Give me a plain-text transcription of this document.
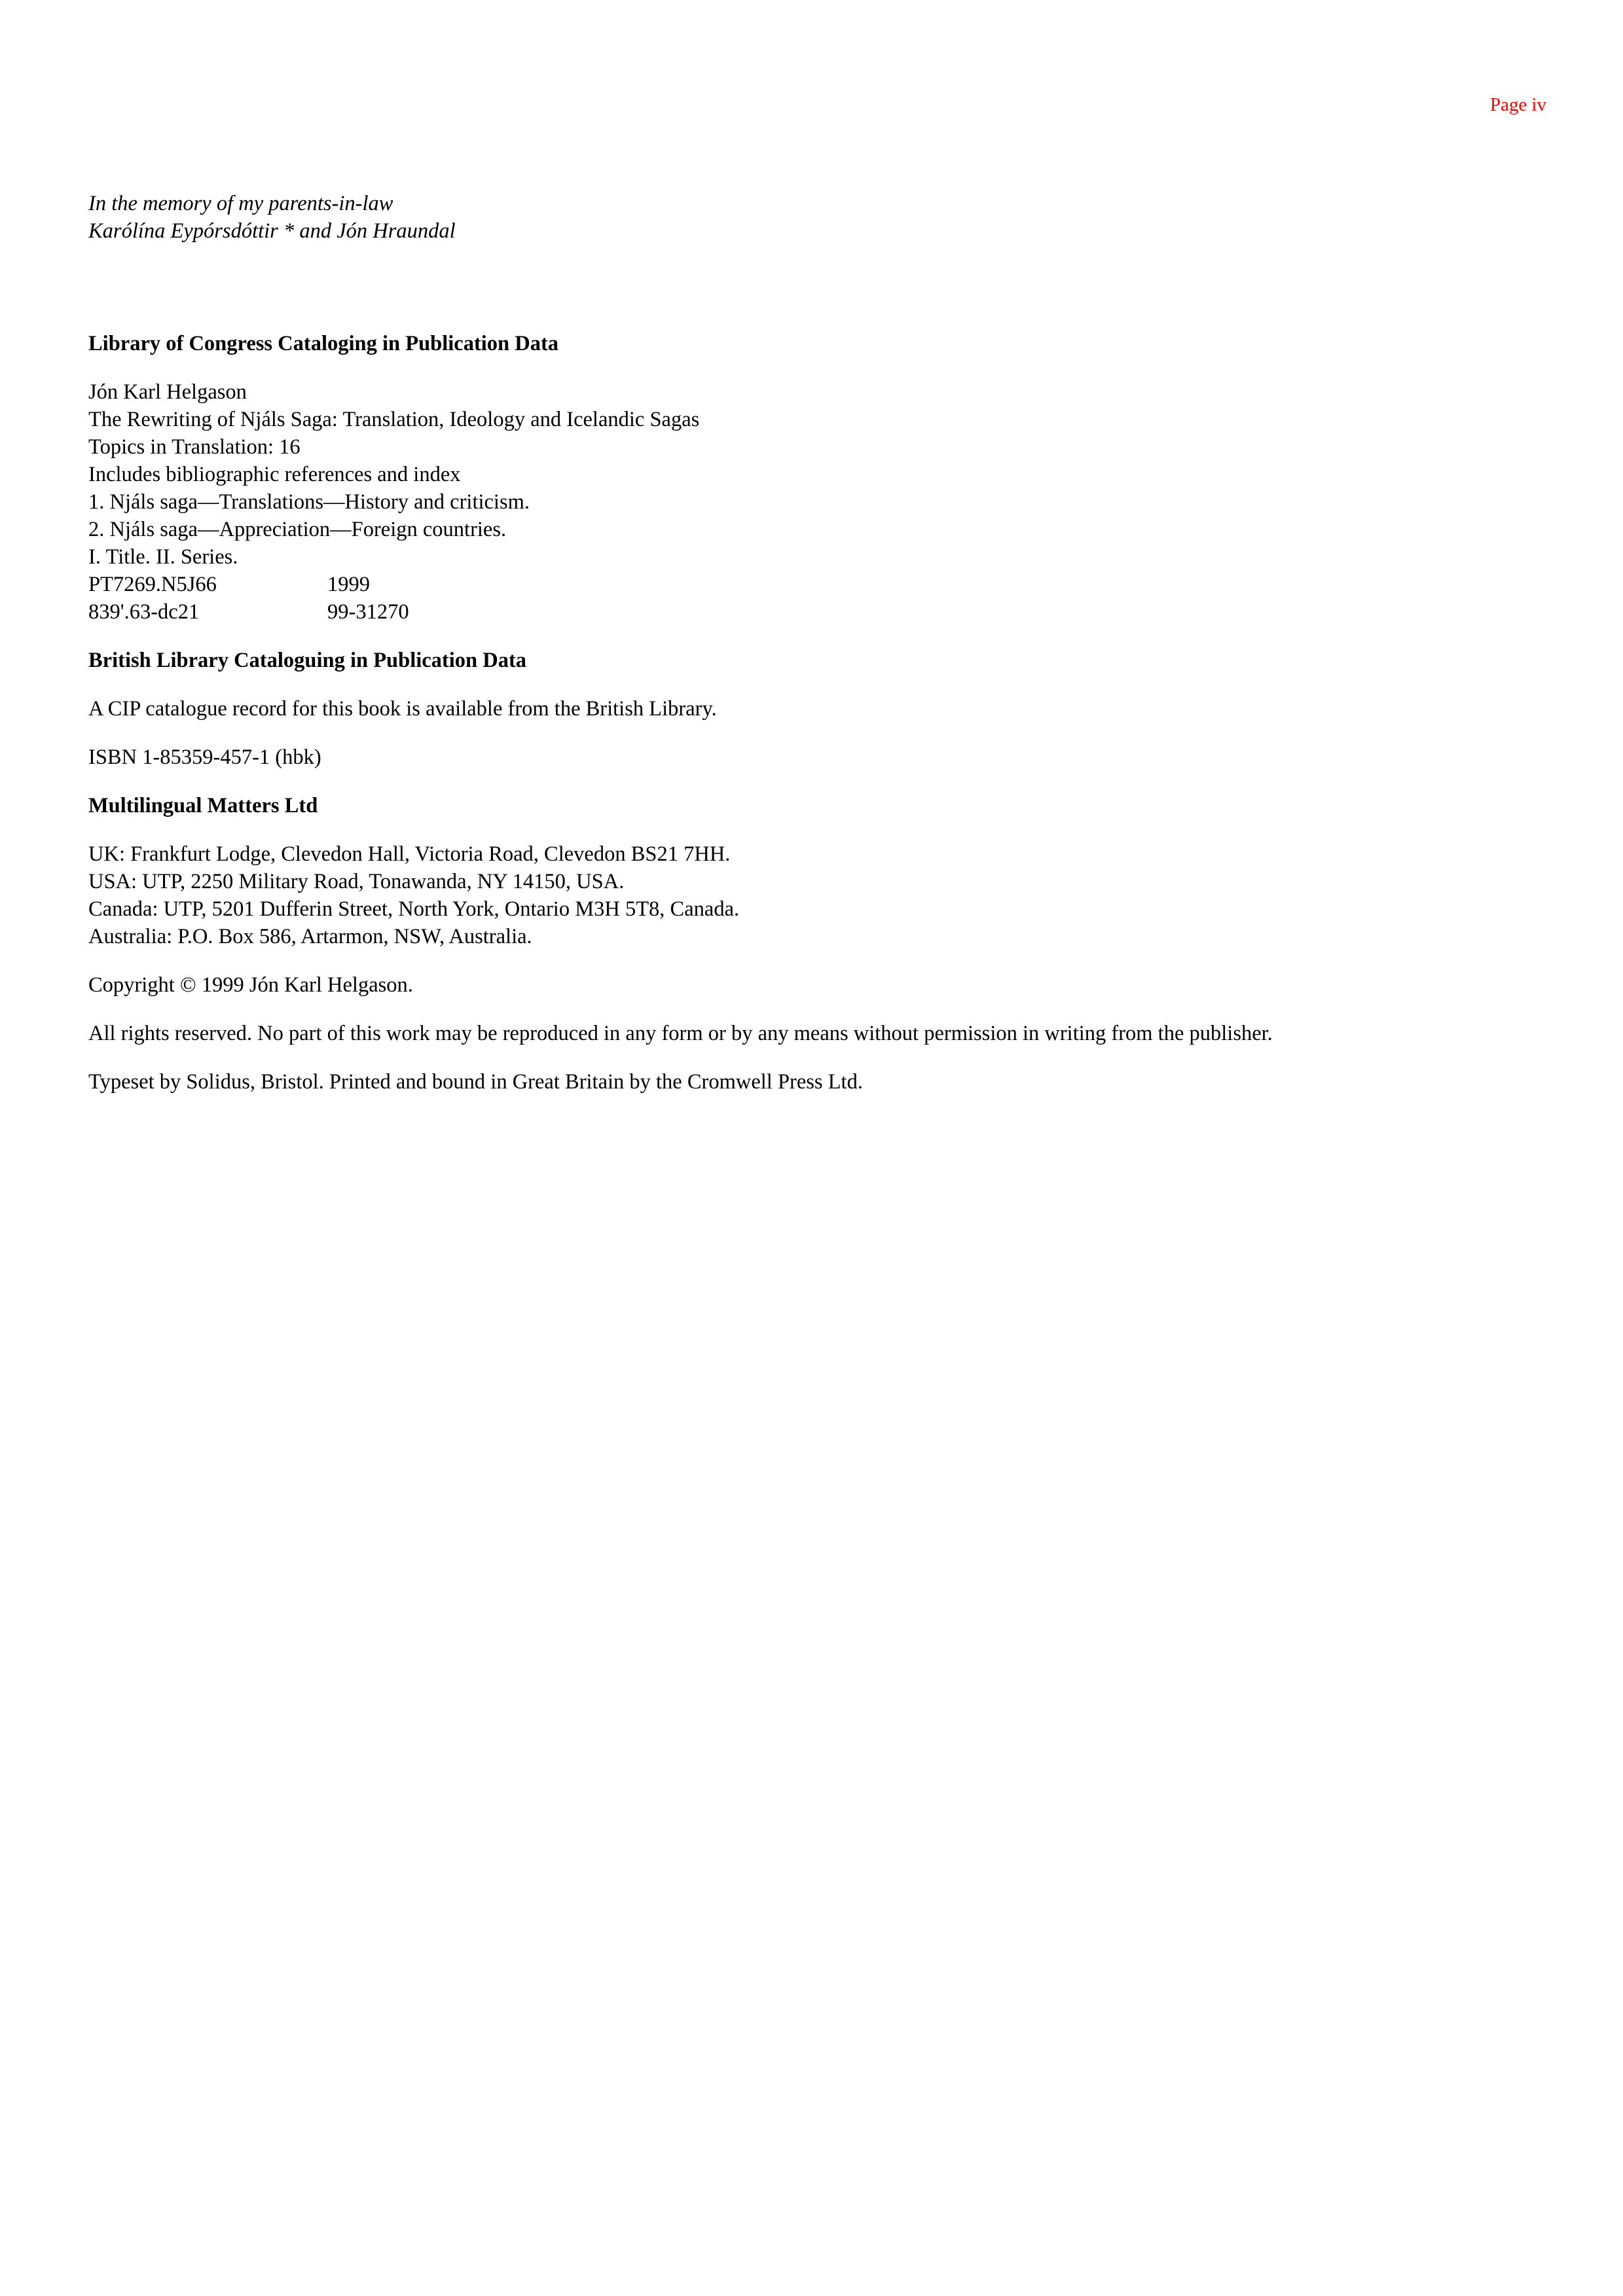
Page iv

In the memory of my parents-in-law
Karólína Eypórsdóttir * and Jón Hraundal
Library of Congress Cataloging in Publication Data
Jón Karl Helgason
The Rewriting of Njáls Saga: Translation, Ideology and Icelandic Sagas
Topics in Translation: 16
Includes bibliographic references and index
1. Njáls saga—Translations—History and criticism.
2. Njáls saga—Appreciation—Foreign countries.
I. Title. II. Series.
PT7269.N5J66	1999
839'.63-dc21	99-31270
British Library Cataloguing in Publication Data
A CIP catalogue record for this book is available from the British Library.
ISBN 1-85359-457-1 (hbk)
Multilingual Matters Ltd
UK: Frankfurt Lodge, Clevedon Hall, Victoria Road, Clevedon BS21 7HH.
USA: UTP, 2250 Military Road, Tonawanda, NY 14150, USA.
Canada: UTP, 5201 Dufferin Street, North York, Ontario M3H 5T8, Canada.
Australia: P.O. Box 586, Artarmon, NSW, Australia.
Copyright © 1999 Jón Karl Helgason.
All rights reserved. No part of this work may be reproduced in any form or by any means without permission in writing from the publisher.
Typeset by Solidus, Bristol. Printed and bound in Great Britain by the Cromwell Press Ltd.
